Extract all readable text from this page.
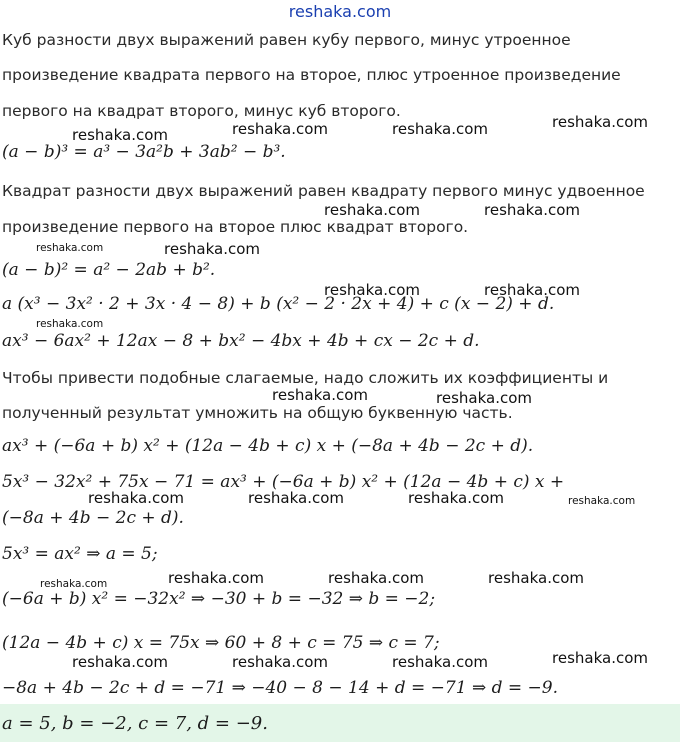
reshaka.com
Куб разности двух выражений равен кубу первого, минус утроенное
произведение квадрата первого на второе, плюс утроенное произведение
первого на квадрат второго, минус куб второго.
(a − b)³ = a³ − 3a²b + 3ab² − b³.
Квадрат разности двух выражений равен квадрату первого минус удвоенное
произведение первого на второе плюс квадрат второго.
(a − b)² = a² − 2ab + b².
a (x³ − 3x² · 2 + 3x · 4 − 8) + b (x² − 2 · 2x + 4) + c (x − 2) + d.
ax³ − 6ax² + 12ax − 8 + bx² − 4bx + 4b + cx − 2c + d.
Чтобы привести подобные слагаемые, надо сложить их коэффициенты и
полученный результат умножить на общую буквенную часть.
ax³ + (−6a + b) x² + (12a − 4b + c) x + (−8a + 4b − 2c + d).
5x³ − 32x² + 75x − 71 = ax³ + (−6a + b) x² + (12a − 4b + c) x +
(−8a + 4b − 2c + d).
5x³ = ax² ⇒ a = 5;
(−6a + b) x² = −32x² ⇒ −30 + b = −32 ⇒ b = −2;
(12a − 4b + c) x = 75x ⇒ 60 + 8 + c = 75 ⇒ c = 7;
−8a + 4b − 2c + d = −71 ⇒ −40 − 8 − 14 + d = −71 ⇒ d = −9.
a = 5, b = −2, c = 7, d = −9.
reshaka.com	reshaka.com	reshaka.com	reshaka.com
reshaka.com	reshaka.com
reshaka.com	reshaka.com
reshaka.com	reshaka.com
reshaka.com
reshaka.com	reshaka.com
reshaka.com	reshaka.com	reshaka.com	reshaka.com
reshaka.com	reshaka.com	reshaka.com	reshaka.com
reshaka.com	reshaka.com	reshaka.com	reshaka.com
